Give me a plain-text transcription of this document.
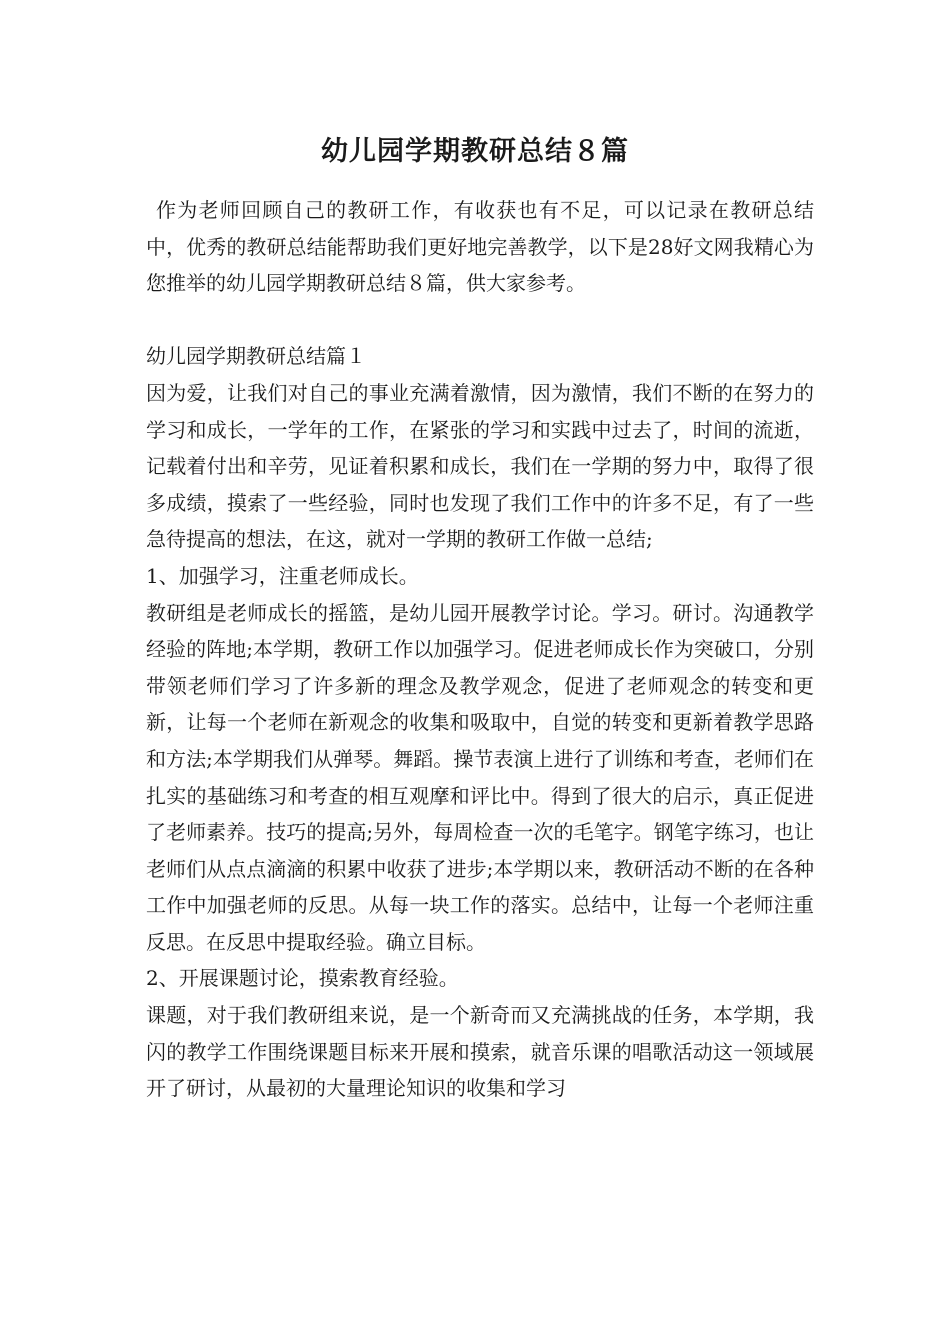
幼儿园学期教研总结８篇

作为老师回顾自己的教研工作，有收获也有不足，可以记录在教研总结中，优秀的教研总结能帮助我们更好地完善教学，以下是28好文网我精心为您推举的幼儿园学期教研总结８篇，供大家参考。

幼儿园学期教研总结篇１

因为爱，让我们对自己的事业充满着激情，因为激情，我们不断的在努力的学习和成长，一学年的工作，在紧张的学习和实践中过去了，时间的流逝，记载着付出和辛劳，见证着积累和成长，我们在一学期的努力中，取得了很多成绩，摸索了一些经验，同时也发现了我们工作中的许多不足，有了一些急待提高的想法，在这，就对一学期的教研工作做一总结;

1、加强学习，注重老师成长。

教研组是老师成长的摇篮，是幼儿园开展教学讨论。学习。研讨。沟通教学经验的阵地;本学期，教研工作以加强学习。促进老师成长作为突破口，分别带领老师们学习了许多新的理念及教学观念，促进了老师观念的转变和更新，让每一个老师在新观念的收集和吸取中，自觉的转变和更新着教学思路和方法;本学期我们从弹琴。舞蹈。操节表演上进行了训练和考查，老师们在扎实的基础练习和考查的相互观摩和评比中。得到了很大的启示，真正促进了老师素养。技巧的提高;另外，每周检查一次的毛笔字。钢笔字练习，也让老师们从点点滴滴的积累中收获了进步;本学期以来，教研活动不断的在各种工作中加强老师的反思。从每一块工作的落实。总结中，让每一个老师注重反思。在反思中提取经验。确立目标。

2、开展课题讨论，摸索教育经验。

课题，对于我们教研组来说，是一个新奇而又充满挑战的任务，本学期，我闪的教学工作围绕课题目标来开展和摸索，就音乐课的唱歌活动这一领域展开了研讨，从最初的大量理论知识的收集和学习
